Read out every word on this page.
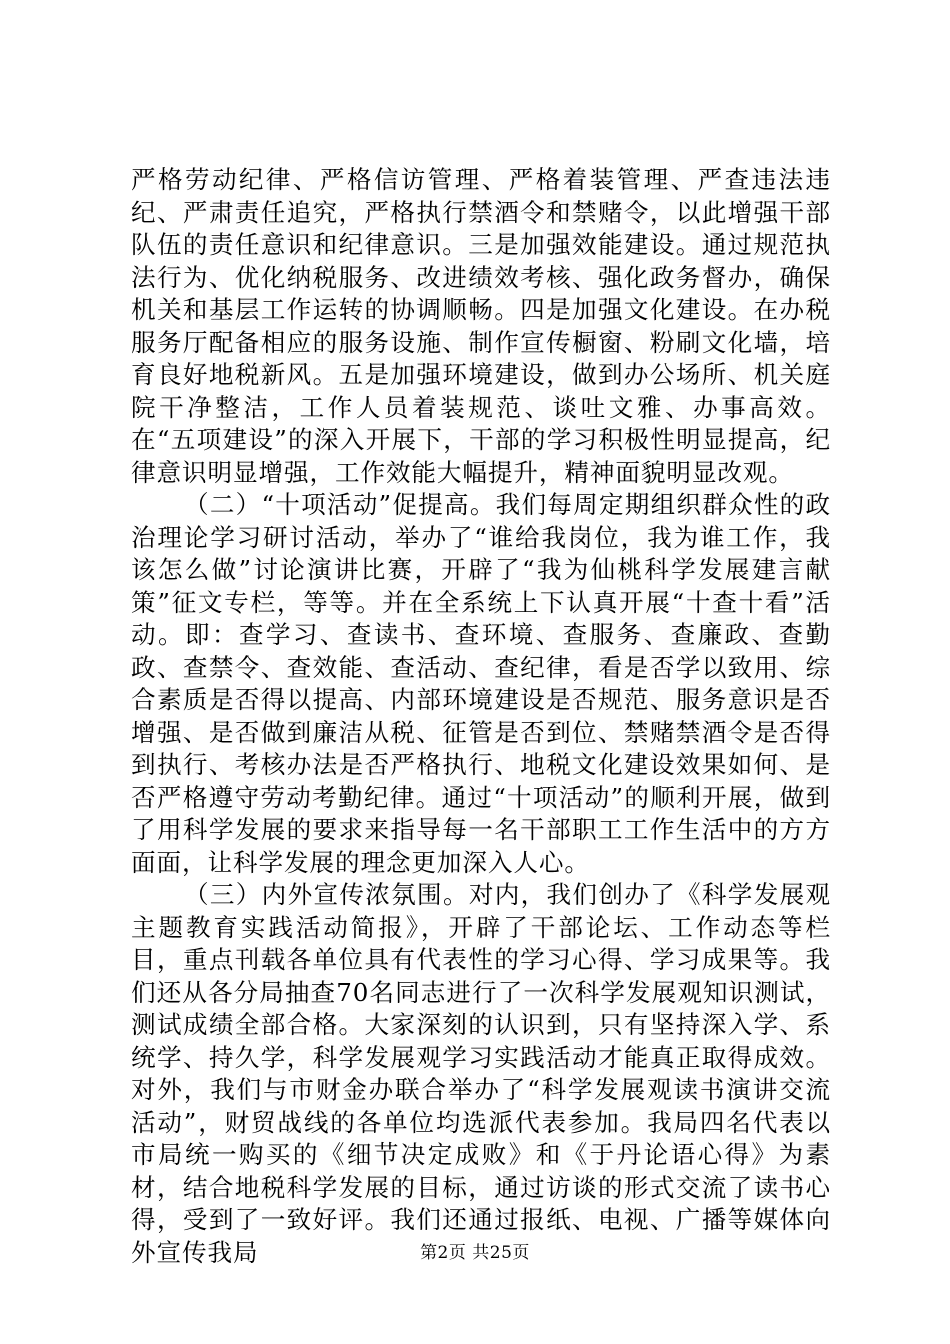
严格劳动纪律、严格信访管理、严格着装管理、严查违法违纪、严肃责任追究，严格执行禁酒令和禁赌令，以此增强干部队伍的责任意识和纪律意识。三是加强效能建设。通过规范执法行为、优化纳税服务、改进绩效考核、强化政务督办，确保机关和基层工作运转的协调顺畅。四是加强文化建设。在办税服务厅配备相应的服务设施、制作宣传橱窗、粉刷文化墙，培育良好地税新风。五是加强环境建设，做到办公场所、机关庭院干净整洁，工作人员着装规范、谈吐文雅、办事高效。在“五项建设”的深入开展下，干部的学习积极性明显提高，纪律意识明显增强，工作效能大幅提升，精神面貌明显改观。

（二）“十项活动”促提高。我们每周定期组织群众性的政治理论学习研讨活动，举办了“谁给我岗位，我为谁工作，我该怎么做”讨论演讲比赛，开辟了“我为仙桃科学发展建言献策”征文专栏，等等。并在全系统上下认真开展“十查十看”活动。即：查学习、查读书、查环境、查服务、查廉政、查勤政、查禁令、查效能、查活动、查纪律，看是否学以致用、综合素质是否得以提高、内部环境建设是否规范、服务意识是否增强、是否做到廉洁从税、征管是否到位、禁赌禁酒令是否得到执行、考核办法是否严格执行、地税文化建设效果如何、是否严格遵守劳动考勤纪律。通过“十项活动”的顺利开展，做到了用科学发展的要求来指导每一名干部职工工作生活中的方方面面，让科学发展的理念更加深入人心。

（三）内外宣传浓氛围。对内，我们创办了《科学发展观主题教育实践活动简报》，开辟了干部论坛、工作动态等栏目，重点刊载各单位具有代表性的学习心得、学习成果等。我们还从各分局抽查70名同志进行了一次科学发展观知识测试，测试成绩全部合格。大家深刻的认识到，只有坚持深入学、系统学、持久学，科学发展观学习实践活动才能真正取得成效。对外，我们与市财金办联合举办了“科学发展观读书演讲交流活动”，财贸战线的各单位均选派代表参加。我局四名代表以市局统一购买的《细节决定成败》和《于丹论语心得》为素材，结合地税科学发展的目标，通过访谈的形式交流了读书心得，受到了一致好评。我们还通过报纸、电视、广播等媒体向外宣传我局	第2页 共25页
